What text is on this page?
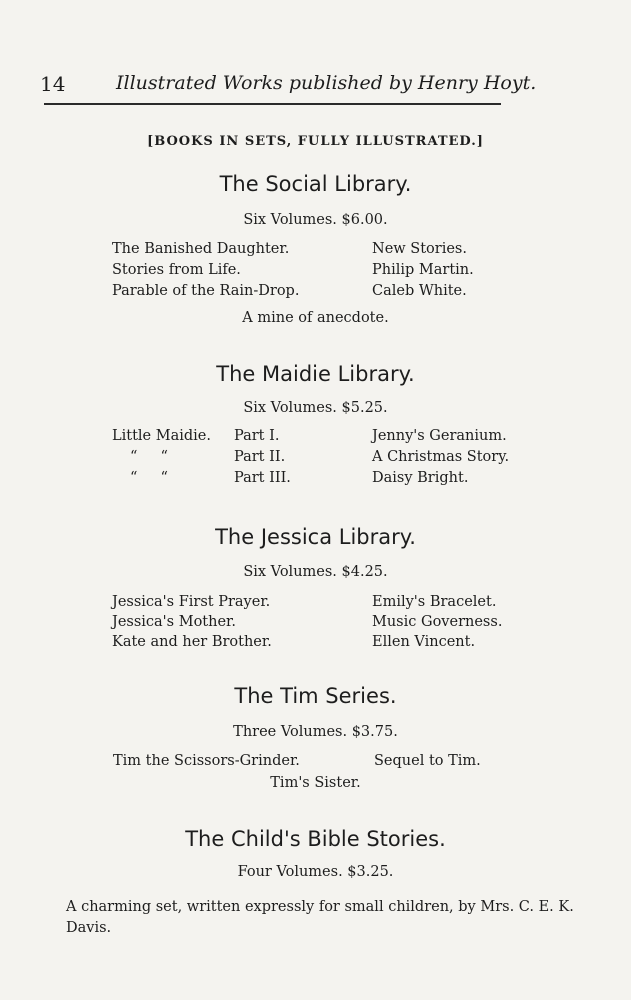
14	Illustrated Works published by Henry Hoyt.
[BOOKS IN SETS, FULLY ILLUSTRATED.]
The Social Library.
Six Volumes. $6.00.
The Banished Daughter.
Stories from Life.
Parable of the Rain-Drop.
New Stories.
Philip Martin.
Caleb White.
A mine of anecdote.
The Maidie Library.
Six Volumes. $5.25.
Little Maidie.
“     “
“     “
Part I.
Part II.
Part III.
Jenny's Geranium.
A Christmas Story.
Daisy Bright.
The Jessica Library.
Six Volumes. $4.25.
Jessica's First Prayer.
Jessica's Mother.
Kate and her Brother.
Emily's Bracelet.
Music Governess.
Ellen Vincent.
The Tim Series.
Three Volumes. $3.75.
Tim the Scissors-Grinder.	Sequel to Tim.
Tim's Sister.
The Child's Bible Stories.
Four Volumes. $3.25.
A charming set, written expressly for small children, by Mrs. C. E. K. Davis.
